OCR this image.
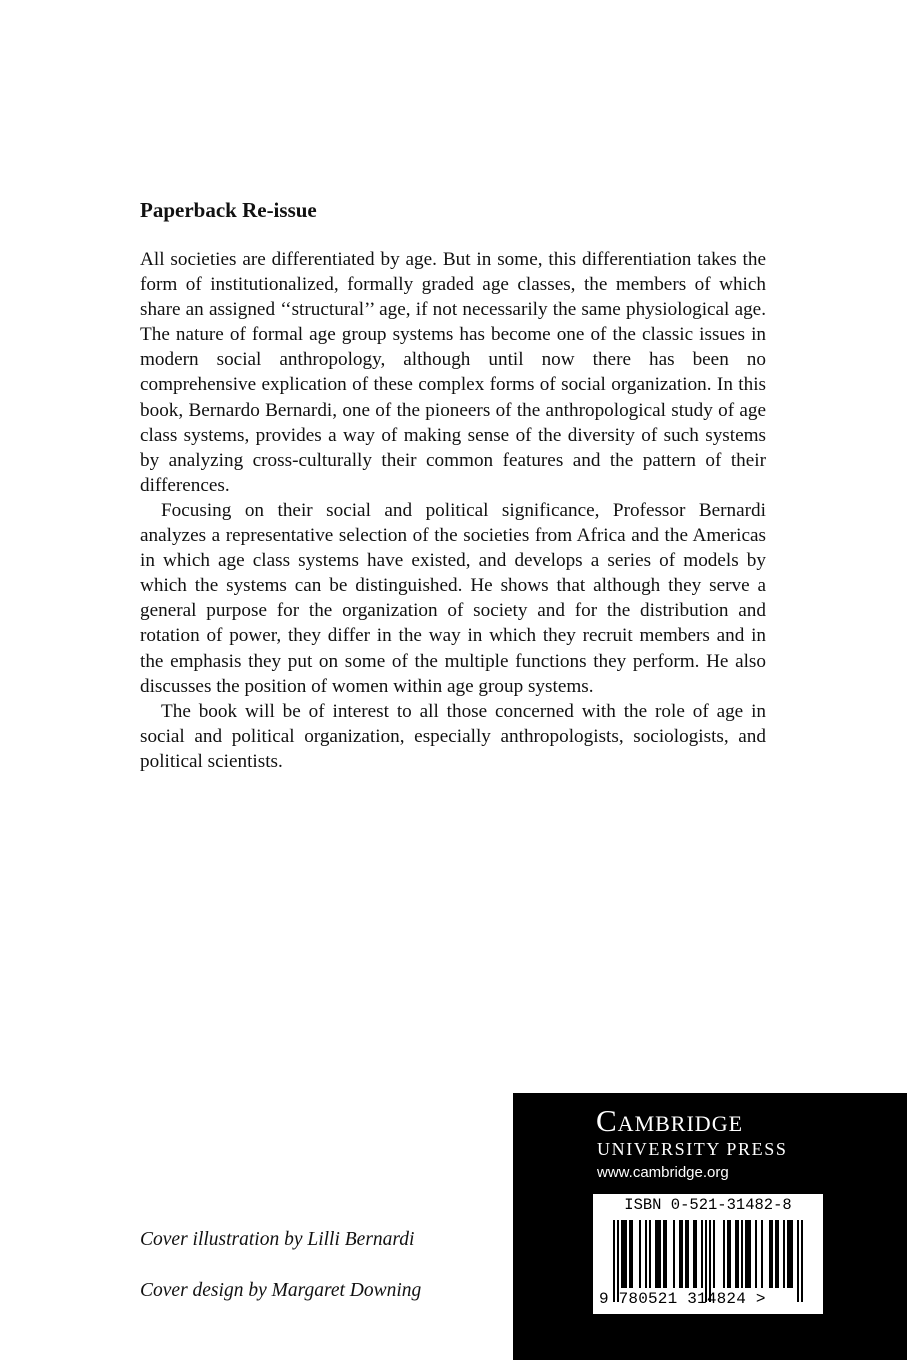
Paperback Re-issue

All societies are differentiated by age. But in some, this differentiation takes the form of institutionalized, formally graded age classes, the members of which share an assigned ‘‘structural’’ age, if not necessarily the same physiological age. The nature of formal age group systems has become one of the classic issues in modern social anthropology, although until now there has been no comprehensive explication of these complex forms of social organization. In this book, Bernardo Bernardi, one of the pioneers of the anthropological study of age class systems, provides a way of making sense of the diversity of such systems by analyzing cross-culturally their common features and the pattern of their differences.

Focusing on their social and political significance, Professor Bernardi analyzes a representative selection of the societies from Africa and the Americas in which age class systems have existed, and develops a series of models by which the systems can be distinguished. He shows that although they serve a general purpose for the organization of society and for the distribution and rotation of power, they differ in the way in which they recruit members and in the emphasis they put on some of the multiple functions they perform. He also discusses the position of women within age group systems.

The book will be of interest to all those concerned with the role of age in social and political organization, especially anthropologists, sociologists, and political scientists.

Cover illustration by Lilli Bernardi

Cover design by Margaret Downing

Cambridge

UNIVERSITY PRESS

www.cambridge.org

ISBN 0-521-31482-8

9 780521 314824 >
